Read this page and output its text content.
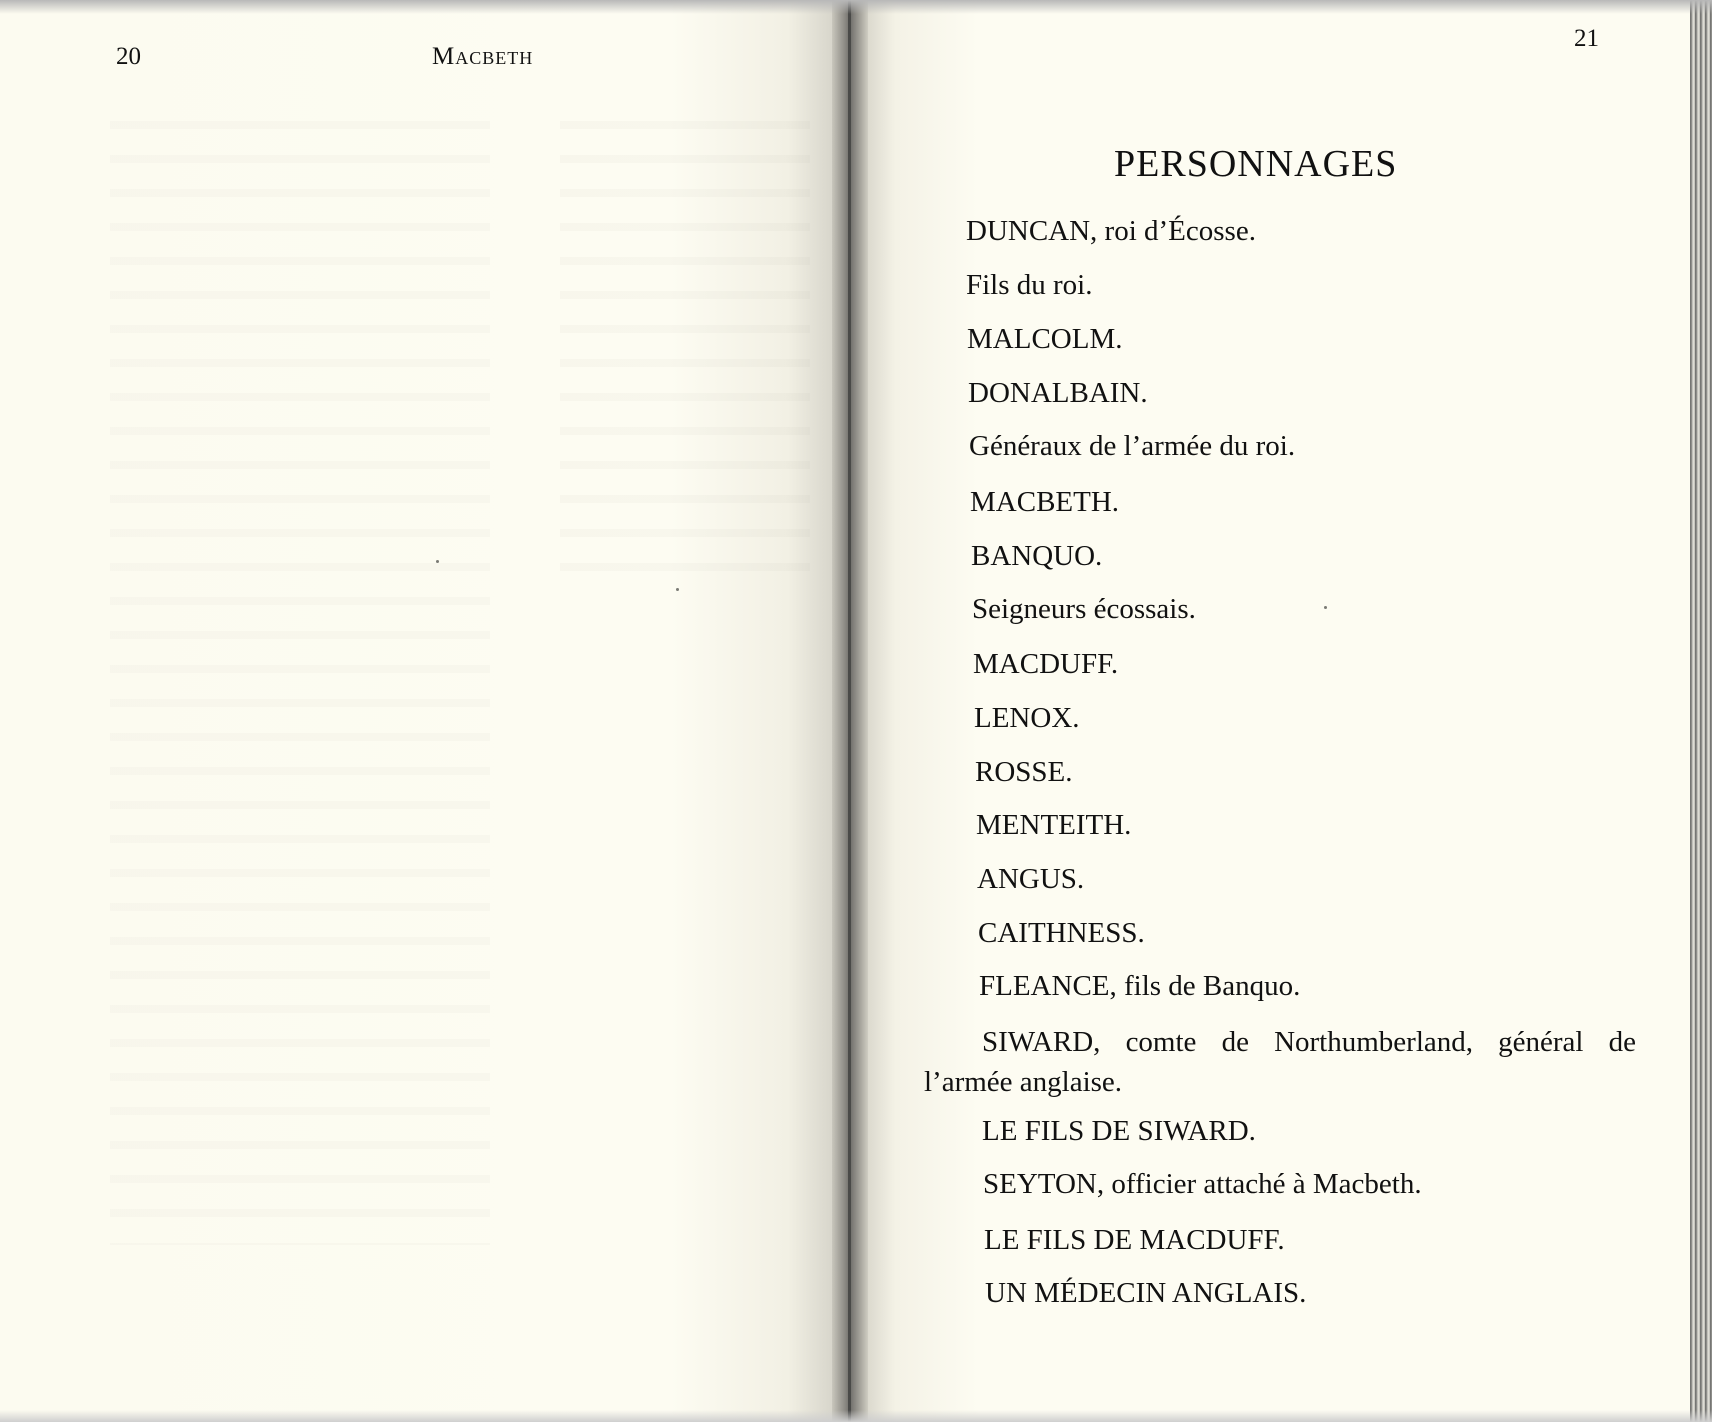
20	Macbeth
21
PERSONNAGES
DUNCAN, roi d’Écosse.
Fils du roi.
MALCOLM.
DONALBAIN.
Généraux de l’armée du roi.
MACBETH.
BANQUO.
Seigneurs écossais.
MACDUFF.
LENOX.
ROSSE.
MENTEITH.
ANGUS.
CAITHNESS.
FLEANCE, fils de Banquo.
SIWARD, comte de Northumberland, général de l’armée anglaise.
LE FILS DE SIWARD.
SEYTON, officier attaché à Macbeth.
LE FILS DE MACDUFF.
UN MÉDECIN ANGLAIS.
